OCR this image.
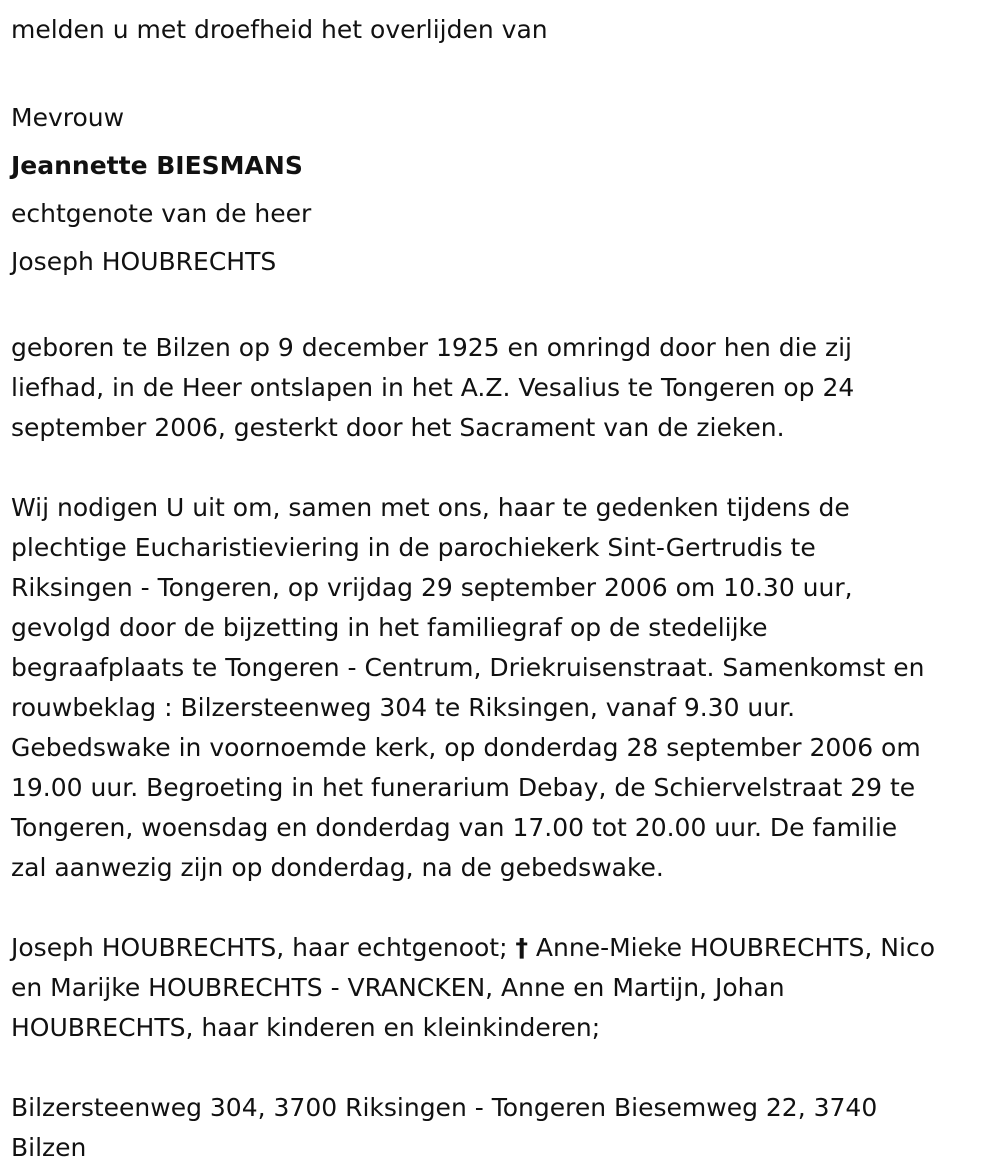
melden u met droefheid het overlijden van
Mevrouw
Jeannette BIESMANS
echtgenote van de heer
Joseph HOUBRECHTS
geboren te Bilzen op 9 december 1925 en omringd door hen die zij
liefhad, in de Heer ontslapen in het A.Z. Vesalius te Tongeren op 24
september 2006, gesterkt door het Sacrament van de zieken.
Wij nodigen U uit om, samen met ons, haar te gedenken tijdens de
plechtige Eucharistieviering in de parochiekerk Sint-Gertrudis te
Riksingen - Tongeren, op vrijdag 29 september 2006 om 10.30 uur,
gevolgd door de bijzetting in het familiegraf op de stedelijke
begraafplaats te Tongeren - Centrum, Driekruisenstraat. Samenkomst en
rouwbeklag : Bilzersteenweg 304 te Riksingen, vanaf 9.30 uur.
Gebedswake in voornoemde kerk, op donderdag 28 september 2006 om
19.00 uur. Begroeting in het funerarium Debay, de Schiervelstraat 29 te
Tongeren, woensdag en donderdag van 17.00 tot 20.00 uur. De familie
zal aanwezig zijn op donderdag, na de gebedswake.
Joseph HOUBRECHTS, haar echtgenoot; † Anne-Mieke HOUBRECHTS, Nico
en Marijke HOUBRECHTS - VRANCKEN, Anne en Martijn, Johan
HOUBRECHTS, haar kinderen en kleinkinderen;
Bilzersteenweg 304, 3700 Riksingen - Tongeren Biesemweg 22, 3740
Bilzen
